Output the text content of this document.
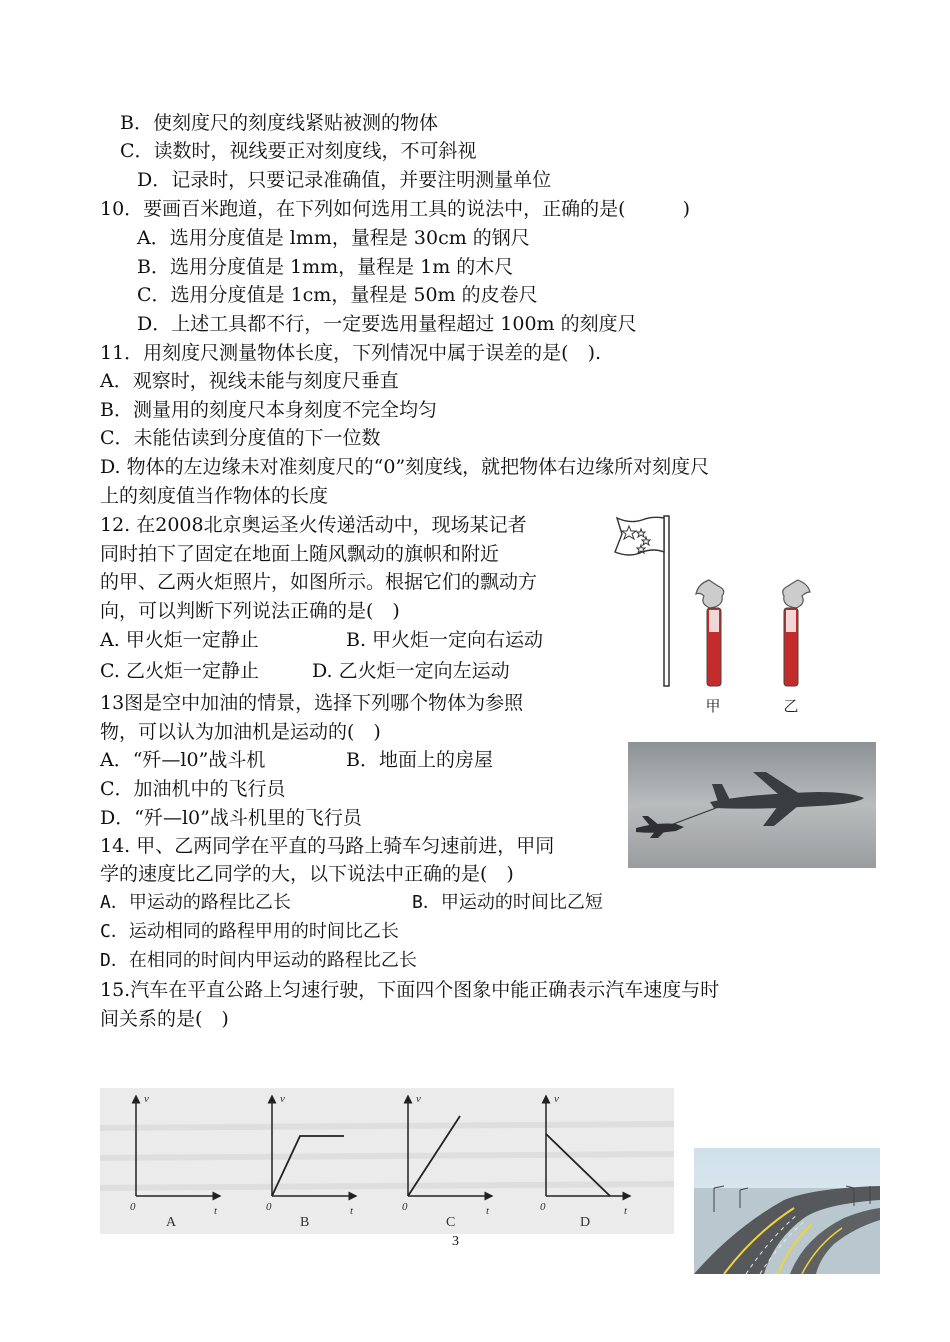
B．使刻度尺的刻度线紧贴被测的物体
C．读数时，视线要正对刻度线，不可斜视
D．记录时，只要记录准确值，并要注明测量单位
10．要画百米跑道，在下列如何选用工具的说法中，正确的是(　　　)
A．选用分度值是 lmm，量程是 30cm 的钢尺
B．选用分度值是 1mm，量程是 1m 的木尺
C．选用分度值是 1cm，量程是 50m 的皮卷尺
D．上述工具都不行，一定要选用量程超过 100m 的刻度尺
11．用刻度尺测量物体长度，下列情况中属于误差的是(　).
A．观察时，视线未能与刻度尺垂直
B．测量用的刻度尺本身刻度不完全均匀
C．未能估读到分度值的下一位数
D. 物体的左边缘未对准刻度尺的“0”刻度线，就把物体右边缘所对刻度尺
上的刻度值当作物体的长度
12. 在2008北京奥运圣火传递活动中，现场某记者
同时拍下了固定在地面上随风飘动的旗帜和附近
的甲、乙两火炬照片，如图所示。根据它们的飘动方
向，可以判断下列说法正确的是(　)
A. 甲火炬一定静止	B. 甲火炬一定向右运动
C. 乙火炬一定静止	D. 乙火炬一定向左运动
甲	乙
13图是空中加油的情景，选择下列哪个物体为参照
物，可以认为加油机是运动的(　)
A．“歼—l0”战斗机	B．地面上的房屋
C．加油机中的飞行员
D．“歼—l0”战斗机里的飞行员
14. 甲、乙两同学在平直的马路上骑车匀速前进，甲同
学的速度比乙同学的大，以下说法中正确的是(　)
A．甲运动的路程比乙长	B．甲运动的时间比乙短
C．运动相同的路程甲用的时间比乙长
D．在相同的时间内甲运动的路程比乙长
15.汽车在平直公路上匀速行驶，下面四个图象中能正确表示汽车速度与时
间关系的是(　)
v
t
0
A
v
t
0
B
v
t
0
C
v
t
0
D
3
